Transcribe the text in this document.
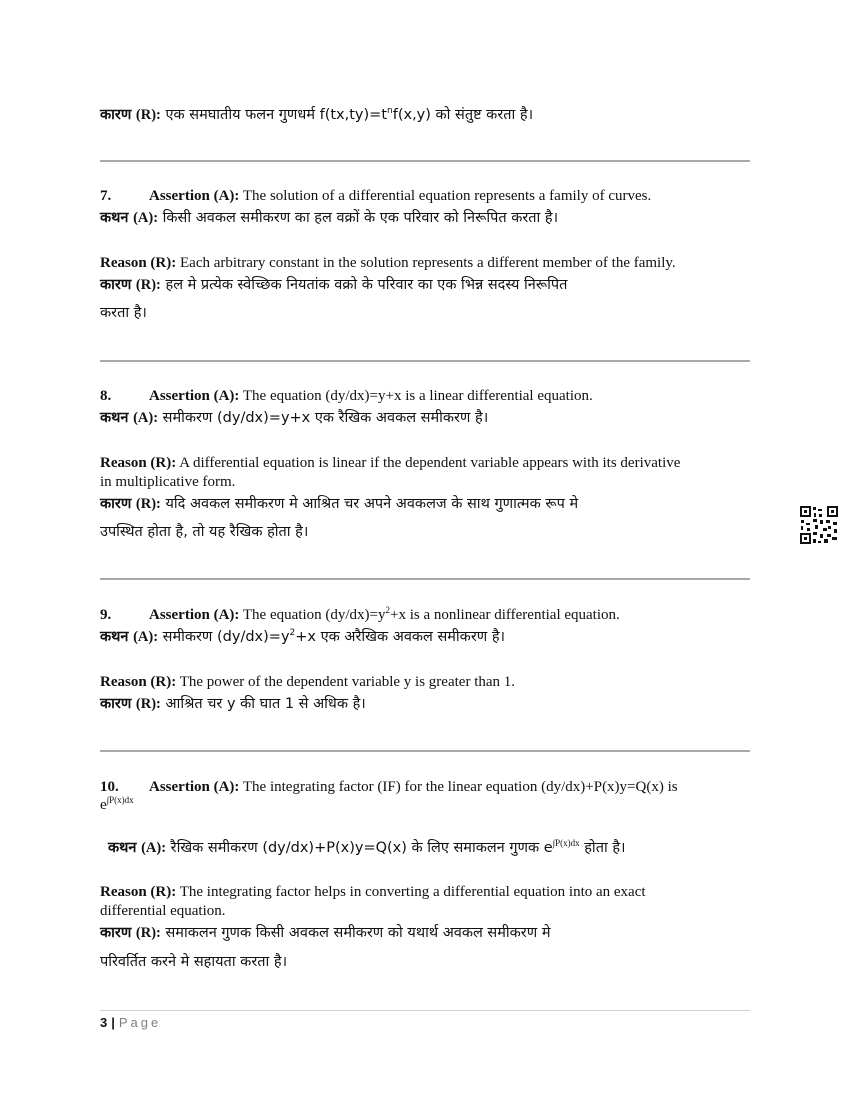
कारण (R): एक समघातीय फलन गुणधर्म $f(tx,ty)=t^nf(x,y)$ को संतुष्ट करता है।
7.	Assertion (A): The solution of a differential equation represents a family of curves.
कथन (A): किसी अवकल समीकरण का हल वक्रों के एक परिवार को निरूपित करता है।
Reason (R): Each arbitrary constant in the solution represents a different member of the family.
कारण (R): हल मे प्रत्येक स्वेच्छिक नियतांक वक्रो के परिवार का एक भिन्न सदस्य निरूपित
करता है।
8.	Assertion (A): The equation (dy/dx)=y+x is a linear differential equation.
कथन (A): समीकरण (dy/dx)=y+x एक रैखिक अवकल समीकरण है।
Reason (R): A differential equation is linear if the dependent variable appears with its derivative
in multiplicative form.
कारण (R): यदि अवकल समीकरण मे आश्रित चर अपने अवकलज के साथ गुणात्मक रूप मे
उपस्थित होता है, तो यह रैखिक होता है।
9.	Assertion (A): The equation $(dy/dx)=y^2+x$ is a nonlinear differential equation.
कथन (A): समीकरण $(dy/dx)=y^2+x$ एक अरैखिक अवकल समीकरण है।
Reason (R): The power of the dependent variable y is greater than 1.
कारण (R): आश्रित चर y की घात 1 से अधिक है।
10. Assertion (A): The integrating factor (IF) for the linear equation (dy/dx)+P(x)y=Q(x) is
$e^{\int P(x)dx}$
कथन (A): रैखिक समीकरण (dy/dx)+P(x)y=Q(x) के लिए समाकलन गुणक $e^{\int P(x)dx}$ होता है।
Reason (R): The integrating factor helps in converting a differential equation into an exact
differential equation.
कारण (R): समाकलन गुणक किसी अवकल समीकरण को यथार्थ अवकल समीकरण मे
परिवर्तित करने मे सहायता करता है।
3 | Page
